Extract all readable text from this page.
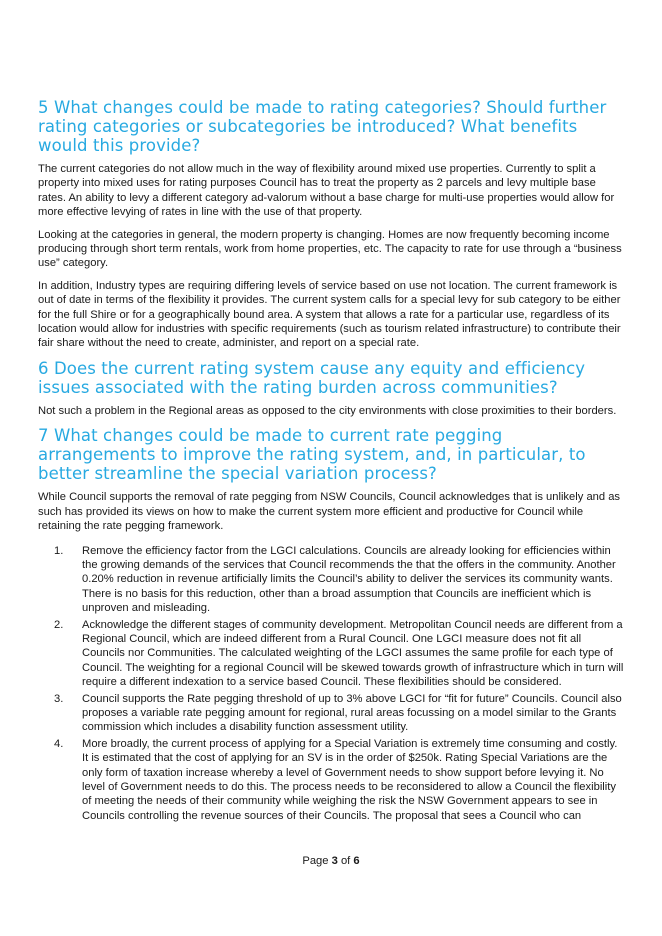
5 What changes could be made to rating categories? Should further rating categories or subcategories be introduced? What benefits would this provide?

The current categories do not allow much in the way of flexibility around mixed use properties. Currently to split a property into mixed uses for rating purposes Council has to treat the property as 2 parcels and levy multiple base rates. An ability to levy a different category ad-valorum without a base charge for multi-use properties would allow for more effective levying of rates in line with the use of that property.

Looking at the categories in general, the modern property is changing. Homes are now frequently becoming income producing through short term rentals, work from home properties, etc. The capacity to rate for use through a “business use” category.

In addition, Industry types are requiring differing levels of service based on use not location. The current framework is out of date in terms of the flexibility it provides. The current system calls for a special levy for sub category to be either for the full Shire or for a geographically bound area. A system that allows a rate for a particular use, regardless of its location would allow for industries with specific requirements (such as tourism related infrastructure) to contribute their fair share without the need to create, administer, and report on a special rate.

6 Does the current rating system cause any equity and efficiency issues associated with the rating burden across communities?

Not such a problem in the Regional areas as opposed to the city environments with close proximities to their borders.

7 What changes could be made to current rate pegging arrangements to improve the rating system, and, in particular, to better streamline the special variation process?

While Council supports the removal of rate pegging from NSW Councils, Council acknowledges that is unlikely and as such has provided its views on how to make the current system more efficient and productive for Council while retaining the rate pegging framework.

1. Remove the efficiency factor from the LGCI calculations. Councils are already looking for efficiencies within the growing demands of the services that Council recommends the that the offers in the community. Another 0.20% reduction in revenue artificially limits the Council’s ability to deliver the services its community wants. There is no basis for this reduction, other than a broad assumption that Councils are inefficient which is unproven and misleading.
2. Acknowledge the different stages of community development. Metropolitan Council needs are different from a Regional Council, which are indeed different from a Rural Council. One LGCI measure does not fit all Councils nor Communities. The calculated weighting of the LGCI assumes the same profile for each type of Council. The weighting for a regional Council will be skewed towards growth of infrastructure which in turn will require a different indexation to a service based Council. These flexibilities should be considered.
3. Council supports the Rate pegging threshold of up to 3% above LGCI for “fit for future” Councils. Council also proposes a variable rate pegging amount for regional, rural areas focussing on a model similar to the Grants commission which includes a disability function assessment utility.
4. More broadly, the current process of applying for a Special Variation is extremely time consuming and costly. It is estimated that the cost of applying for an SV is in the order of $250k. Rating Special Variations are the only form of taxation increase whereby a level of Government needs to show support before levying it. No level of Government needs to do this. The process needs to be reconsidered to allow a Council the flexibility of meeting the needs of their community while weighing the risk the NSW Government appears to see in Councils controlling the revenue sources of their Councils. The proposal that sees a Council who can
Page 3 of 6
